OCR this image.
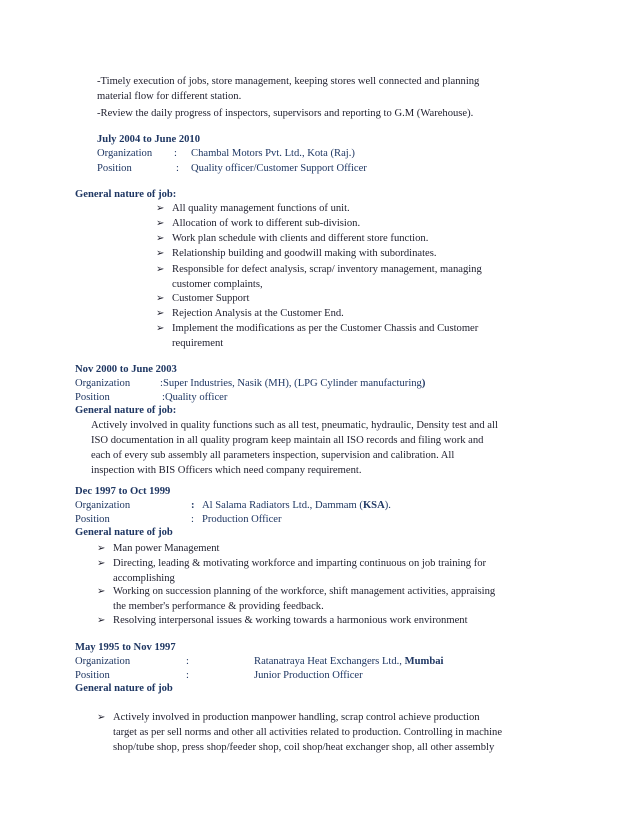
-Timely execution of jobs, store management, keeping stores well connected and planning
material flow for different station.
-Review the daily progress of inspectors, supervisors and reporting to G.M (Warehouse).
July 2004 to June 2010
Organization : Chambal Motors Pvt. Ltd., Kota (Raj.)
Position	: Quality officer/Customer Support Officer
General nature of job:
➢ All quality management functions of unit.
➢ Allocation of work to different sub-division.
➢ Work plan schedule with clients and different store function.
➢ Relationship building and goodwill making with subordinates.
➢ Responsible for defect analysis, scrap/ inventory management, managing
customer complaints,
➢ Customer Support
➢ Rejection Analysis at the Customer End.
➢ Implement the modifications as per the Customer Chassis and Customer
requirement
Nov 2000 to June 2003
Organization	:Super Industries, Nasik (MH), (LPG Cylinder manufacturing)
Position	:Quality officer
General nature of job:
Actively involved in quality functions such as all test, pneumatic, hydraulic, Density test and all
ISO documentation in all quality program keep maintain all ISO records and filing work and
each of every sub assembly all parameters inspection, supervision and calibration. All
inspection with BIS Officers which need company requirement.
Dec 1997 to Oct 1999
Organization	: Al Salama Radiators Ltd., Dammam (KSA).
Position	: Production Officer
General nature of job
➢ Man power Management
➢ Directing, leading & motivating workforce and imparting continuous on job training for
accomplishing
➢ Working on succession planning of the workforce, shift management activities, appraising
the member's performance & providing feedback.
➢ Resolving interpersonal issues & working towards a harmonious work environment
May 1995 to Nov 1997
Organization	:	Ratanatraya Heat Exchangers Ltd., Mumbai
Position	:	Junior Production Officer
General nature of job
➢ Actively involved in production manpower handling, scrap control achieve production
target as per sell norms and other all activities related to production. Controlling in machine
shop/tube shop, press shop/feeder shop, coil shop/heat exchanger shop, all other assembly
